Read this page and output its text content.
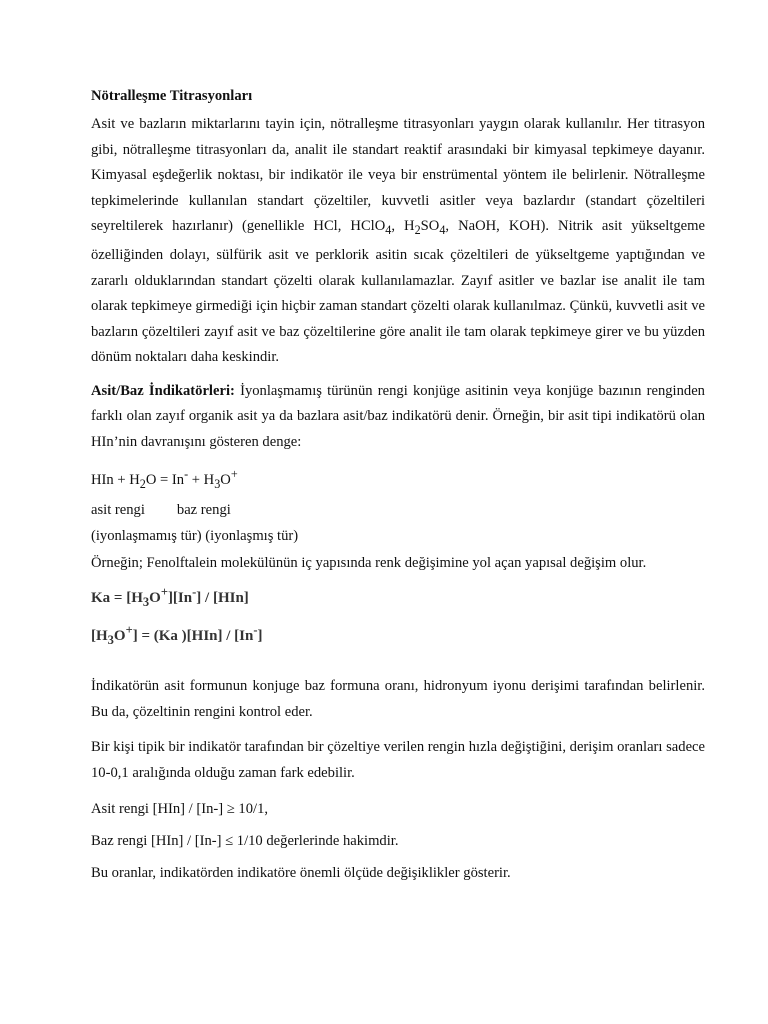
Nötralleşme Titrasyonları

Asit ve bazların miktarlarını tayin için, nötralleşme titrasyonları yaygın olarak kullanılır. Her titrasyon gibi, nötralleşme titrasyonları da, analit ile standart reaktif arasındaki bir kimyasal tepkimeye dayanır. Kimyasal eşdeğerlik noktası, bir indikatör ile veya bir enstrümental yöntem ile belirlenir. Nötralleşme tepkimelerinde kullanılan standart çözeltiler, kuvvetli asitler veya bazlardır (standart çözeltileri seyreltilerek hazırlanır) (genellikle HCl, HClO$_4$, $H_2SO_4$, NaOH, KOH). Nitrik asit yükseltgeme özelliğinden dolayı, sülfürik asit ve perklorik asitin sıcak çözeltileri de yükseltgeme yaptığından ve zararlı olduklarından standart çözelti olarak kullanılamazlar. Zayıf asitler ve bazlar ise analit ile tam olarak tepkimeye girmediği için hiçbir zaman standart çözelti olarak kullanılmaz. Çünkü, kuvvetli asit ve bazların çözeltileri zayıf asit ve baz çözeltilerine göre analit ile tam olarak tepkimeye girer ve bu yüzden dönüm noktaları daha keskindir.

Asit/Baz İndikatörleri: İyonlaşmamış türünün rengi konjüge asitinin veya konjüge bazının renginden farklı olan zayıf organik asit ya da bazlara asit/baz indikatörü denir. Örneğin, bir asit tipi indikatörü olan HIn’nin davranışını gösteren denge:

HIn + $H_2O = In^- + H_3O^+$

asit rengi baz rengi

(iyonlaşmamış tür) (iyonlaşmış tür)

Örneğin; Fenolftalein molekülünün iç yapısında renk değişimine yol açan yapısal değişim olur.

$Ka = [H_3O^+][In^-] / [HIn]$

$[H_3O^+] = (Ka$ )[HIn] / [In-]

İndikatörün asit formunun konjuge baz formuna oranı, hidronyum iyonu derişimi tarafından belirlenir. Bu da, çözeltinin rengini kontrol eder.

Bir kişi tipik bir indikatör tarafından bir çözeltiye verilen rengin hızla değiştiğini, derişim oranları sadece 10-0,1 aralığında olduğu zaman fark edebilir.

Asit rengi [HIn] / [In-] ≥ 10/1,

Baz rengi [HIn] / [In-] ≤ 1/10 değerlerinde hakimdir.

Bu oranlar, indikatörden indikatöre önemli ölçüde değişiklikler gösterir.
